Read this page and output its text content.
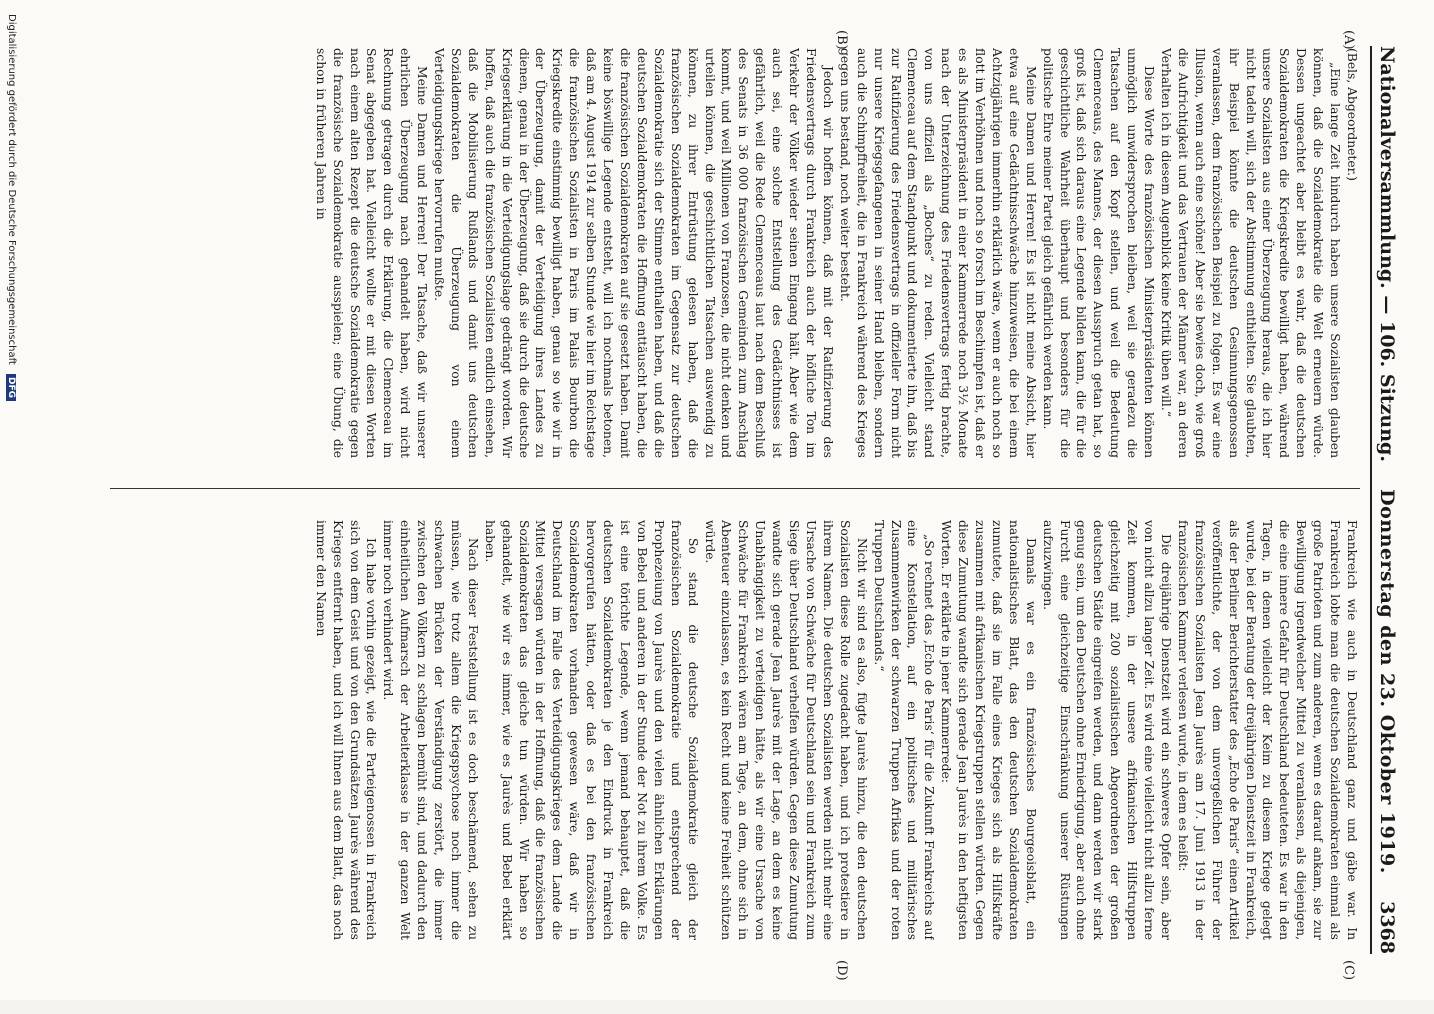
Nationalversammlung. — 106. Sitzung.
Donnerstag den 23. Oktober 1919.
3368
(A)
(B)
(C)
(D)

(Bels, Abgeordneter.)

„Eine lange Zeit hindurch haben unsere Sozialisten glauben können, daß die Sozialdemokratie die Welt erneuern würde. Dessen ungeachtet aber bleibt es wahr, daß die deutschen Sozialdemokraten die Kriegskredite bewilligt haben, während unsere Sozialisten aus einer Überzeugung heraus, die ich hier nicht tadeln will, sich der Abstimmung enthielten. Sie glaubten, ihr Beispiel könnte die deutschen Gesinnungsgenossen veranlassen, dem französischen Beispiel zu folgen. Es war eine Illusion, wenn auch eine schöne! Aber sie bewies doch, wie groß die Aufrichtigkeit und das Vertrauen der Männer war, an deren Verhalten ich in diesem Augenblick keine Kritik üben will.“

Diese Worte des französischen Ministerpräsidenten können unmöglich unwidersprochen bleiben, weil sie geradezu die Tatsachen auf den Kopf stellen, und weil die Bedeutung Clemenceaus, des Mannes, der diesen Ausspruch getan hat, so groß ist, daß sich daraus eine Legende bilden kann, die für die geschichtliche Wahrheit überhaupt und besonders für die politische Ehre meiner Partei gleich gefährlich werden kann.

Meine Damen und Herren! Es ist nicht meine Absicht, hier etwa auf eine Gedächtnisschwäche hinzuweisen, die bei einem Achtzigjährigen immerhin erklärlich wäre, wenn er auch noch so flott im Verhöhnen und noch so forsch im Beschimpfen ist, daß er es als Ministerpräsident in einer Kammerrede noch 3½ Monate nach der Unterzeichnung des Friedensvertrags fertig brachte, von uns offiziell als „Boches“ zu reden. Vielleicht stand Clemenceau auf dem Standpunkt und dokumentierte ihn, daß bis zur Ratifizierung des Friedensvertrags in offizieller Form nicht nur unsere Kriegsgefangenen in seiner Hand bleiben, sondern auch die Schimpffreiheit, die in Frankreich während des Krieges gegen uns bestand, noch weiter besteht.

Jedoch wir hoffen können, daß mit der Ratifizierung des Friedensvertrags durch Frankreich auch der höfliche Ton im Verkehr der Völker wieder seinen Eingang hält. Aber wie dem auch sei, eine solche Entstellung des Gedächtnisses ist gefährlich, weil die Rede Clemenceaus laut nach dem Beschluß des Senats in 36 000 französischen Gemeinden zum Anschlag kommt, und weil Millionen von Franzosen, die nicht denken und urteilen können, die geschichtlichen Tatsachen auswendig zu können, zu ihrer Entrüstung gelesen haben, daß die französischen Sozialdemokraten im Gegensatz zur deutschen Sozialdemokratie sich der Stimme enthalten haben, und daß die deutschen Sozialdemokraten die Hoffnung enttäuscht haben, die die französischen Sozialdemokraten auf sie gesetzt haben. Damit keine böswillige Legende entsteht, will ich nochmals betonen, daß am 4. August 1914 zur selben Stunde wie hier im Reichstage die französischen Sozialisten in Paris im Palais Bourbon die Kriegskredite einstimmig bewilligt haben, genau so wie wir in der Überzeugung, damit der Verteidigung ihres Landes zu dienen, genau in der Überzeugung, daß sie durch die deutsche Kriegserklärung in die Verteidigungslage gedrängt worden. Wir hoffen, daß auch die französischen Sozialisten endlich einsehen, daß die Mobilisierung Rußlands und damit uns deutschen Sozialdemokraten die Überzeugung von einem Verteidigungskriege hervorrufen mußte.

Meine Damen und Herren! Der Tatsache, daß wir unserer ehrlichen Überzeugung nach gehandelt haben, wird nicht Rechnung getragen durch die Erklärung, die Clemenceau im Senat abgegeben hat. Vielleicht wollte er mit diesen Worten nach einem alten Rezept die deutsche Sozialdemokratie gegen die französische Sozialdemokratie ausspielen; eine Übung, die schon in früheren Jahren in

Frankreich wie auch in Deutschland ganz und gäbe war. In Frankreich lobte man die deutschen Sozialdemokraten einmal als große Patrioten und zum anderen, wenn es darauf ankam, sie zur Bewilligung irgendwelcher Mittel zu veranlassen, als diejenigen, die eine innere Gefahr für Deutschland bedeuteten. Es war in den Tagen, in denen vielleicht der Keim zu diesem Kriege gelegt wurde, bei der Beratung der dreijährigen Dienstzeit in Frankreich, als der Berliner Berichterstatter des „Echo de Paris“ einen Artikel veröffentlichte, der von dem unvergeßlichen Führer der französischen Sozialisten Jean Jaurès am 17. Juni 1913 in der französischen Kammer verlesen wurde, in dem es heißt:

Die dreijährige Dienstzeit wird ein schweres Opfer sein, aber von nicht allzu langer Zeit. Es wird eine vielleicht nicht allzu ferne Zeit kommen, in der unsere afrikanischen Hilfstruppen gleichzeitig mit 200 sozialistischen Abgeordneten der großen deutschen Städte eingreifen werden, und dann werden wir stark genug sein, um den Deutschen ohne Erniedrigung, aber auch ohne Furcht eine gleichzeitige Einschränkung unserer Rüstungen aufzuzwingen.

Damals war es ein französisches Bourgeoisblatt, ein nationalistisches Blatt, das den deutschen Sozialdemokraten zumutete, daß sie im Falle eines Krieges sich als Hilfskräfte zusammen mit afrikanischen Kriegstruppen stellen würden. Gegen diese Zumutung wandte sich gerade Jean Jaurès in den heftigsten Worten. Er erklärte in jener Kammerrede:

„So rechnet das ‚Echo de Paris‘ für die Zukunft Frankreichs auf eine Konstellation, auf ein politisches und militärisches Zusammenwirken der schwarzen Truppen Afrikas und der roten Truppen Deutschlands.“

Nicht wir sind es also, fügte Jaurès hinzu, die den deutschen Sozialisten diese Rolle zugedacht haben, und ich protestiere in ihrem Namen. Die deutschen Sozialisten werden nicht mehr eine Ursache von Schwäche für Deutschland sein und Frankreich zum Siege über Deutschland verhelfen würden. Gegen diese Zumutung wandte sich gerade Jean Jaurès mit der Lage, an dem es keine Unabhängigkeit zu verteidigen hätte, als wir eine Ursache von Schwäche für Frankreich wären am Tage, an dem, ohne sich in Abenteuer einzulassen, es kein Recht und keine Freiheit schützen würde.

So stand die deutsche Sozialdemokratie gleich der französischen Sozialdemokratie und entsprechend der Prophezeiung von Jaurès und den vielen ähnlichen Erklärungen von Bebel und anderen in der Stunde der Not zu ihrem Volke. Es ist eine törichte Legende, wenn jemand behauptet, daß die deutschen Sozialdemokraten je den Eindruck in Frankreich hervorgerufen hätten, oder daß es bei den französischen Sozialdemokraten vorhanden gewesen wäre, daß wir in Deutschland im Falle des Verteidigungskrieges dem Lande die Mittel versagen würden in der Hoffnung, daß die französischen Sozialdemokraten das gleiche tun würden. Wir haben so gehandelt, wie wir es immer, wie es Jaurès und Bebel erklärt haben.

Nach dieser Feststellung ist es doch beschämend, sehen zu müssen, wie trotz allem die Kriegspsychose noch immer die schwachen Brücken der Verständigung zerstört, die immer zwischen den Völkern zu schlagen bemüht sind, und dadurch den einheitlichen Aufmarsch der Arbeiterklasse in der ganzen Welt immer noch verhindert wird.

Ich habe vorhin gezeigt, wie die Parteigenossen in Frankreich sich von dem Geist und von den Grundsätzen Jaurès während des Krieges entfernt haben, und ich will Ihnen aus dem Blatt, das noch immer den Namen

Digitalisierung gefördert durch die Deutsche Forschungsgemeinschaft DFG
